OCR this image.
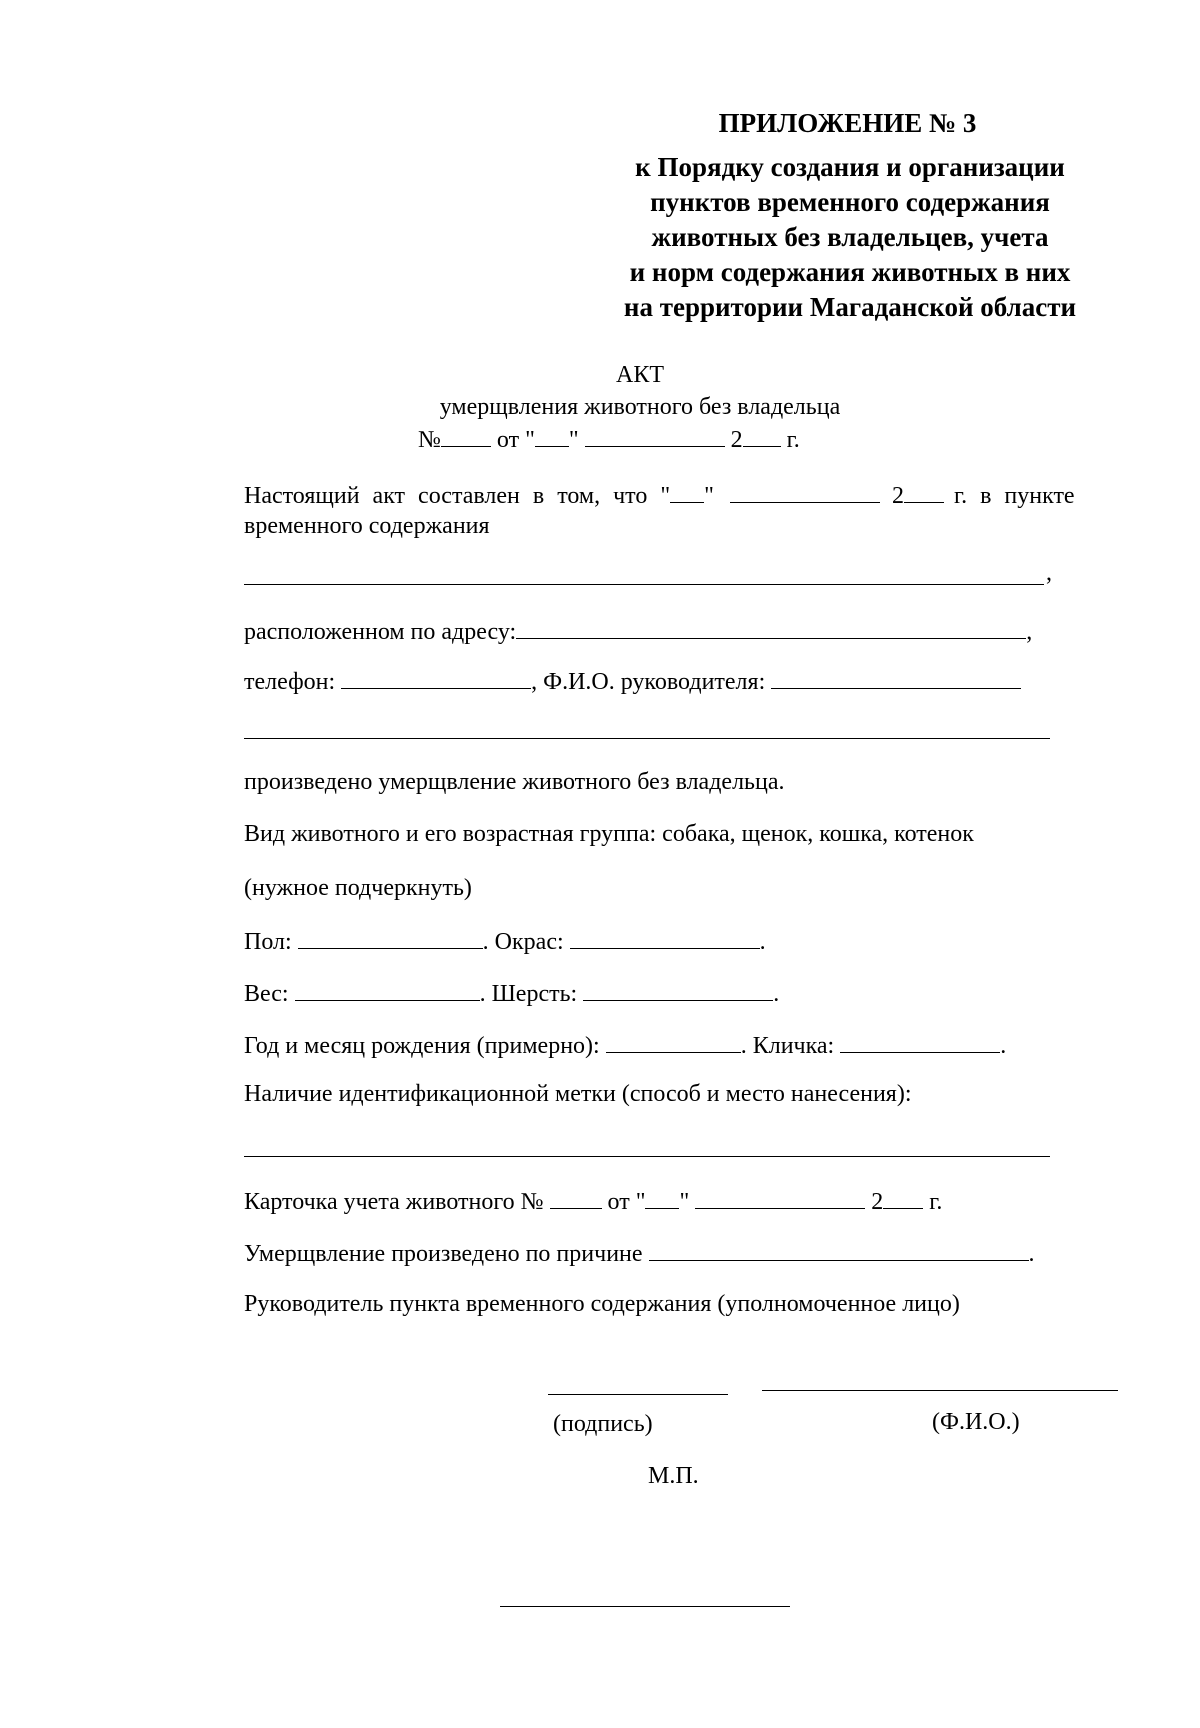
ПРИЛОЖЕНИЕ № 3
к Порядку создания и организации
пунктов временного содержания
животных без владельцев, учета
и норм содержания животных в них
на территории Магаданской области
АКТ
умерщвления животного без владельца
№ от " "	2 г.
Настоящий акт составлен в том, что " "	2 г. в пункте
временного содержания
,
расположенном по адресу:	,
телефон:	, Ф.И.О. руководителя:
произведено умерщвление животного без владельца.
Вид животного и его возрастная группа: собака, щенок, кошка, котенок
(нужное подчеркнуть)
Пол:	. Окрас:	.
Вес:	. Шерсть:	.
Год и месяц рождения (примерно):	. Кличка:	.
Наличие идентификационной метки (способ и место нанесения):
Карточка учета животного №	от " "	2 г.
Умерщвление произведено по причине	.
Руководитель пункта временного содержания (уполномоченное лицо)
(подпись)	(Ф.И.О.)
М.П.
